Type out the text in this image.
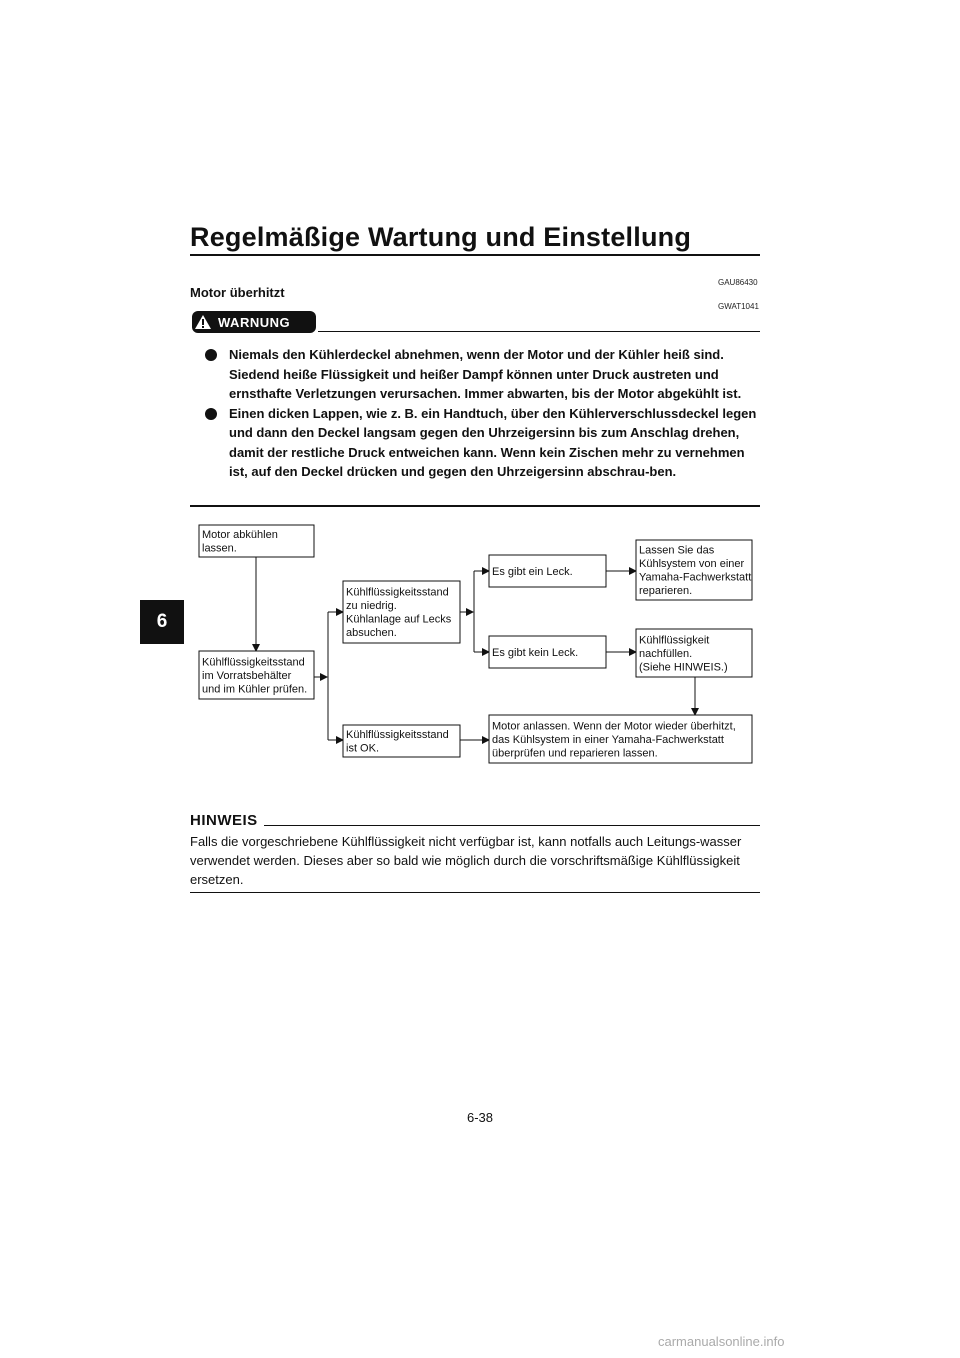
Regelmäßige Wartung und Einstellung
6
GAU86430
Motor überhitzt
GWAT1041
WARNUNG
Niemals den Kühlerdeckel abnehmen, wenn der Motor und der Kühler heiß sind. Siedend heiße Flüssigkeit und heißer Dampf können unter Druck austreten und ernsthafte Verletzungen verursachen. Immer abwarten, bis der Motor abgekühlt ist.
Einen dicken Lappen, wie z. B. ein Handtuch, über den Kühlerverschlussdeckel legen und dann den Deckel langsam gegen den Uhrzeigersinn bis zum Anschlag drehen, damit der restliche Druck entweichen kann. Wenn kein Zischen mehr zu vernehmen ist, auf den Deckel drücken und gegen den Uhrzeigersinn abschrau-ben.
Motor abkühlen
lassen.
Kühlflüssigkeitsstand
im Vorratsbehälter
und im Kühler prüfen.
Kühlflüssigkeitsstand
zu niedrig.
Kühlanlage auf Lecks
absuchen.
Kühlflüssigkeitsstand
ist OK.
Es gibt ein Leck.
Es gibt kein Leck.
Lassen Sie das
Kühlsystem von einer
Yamaha-Fachwerkstatt
reparieren.
Kühlflüssigkeit
nachfüllen.
(Siehe HINWEIS.)
Motor anlassen. Wenn der Motor wieder überhitzt,
das Kühlsystem in einer Yamaha-Fachwerkstatt
überprüfen und reparieren lassen.
HINWEIS
Falls die vorgeschriebene Kühlflüssigkeit nicht verfügbar ist, kann notfalls auch Leitungs-wasser verwendet werden. Dieses aber so bald wie möglich durch die vorschriftsmäßige Kühlflüssigkeit ersetzen.
6-38
carmanualsonline.info
